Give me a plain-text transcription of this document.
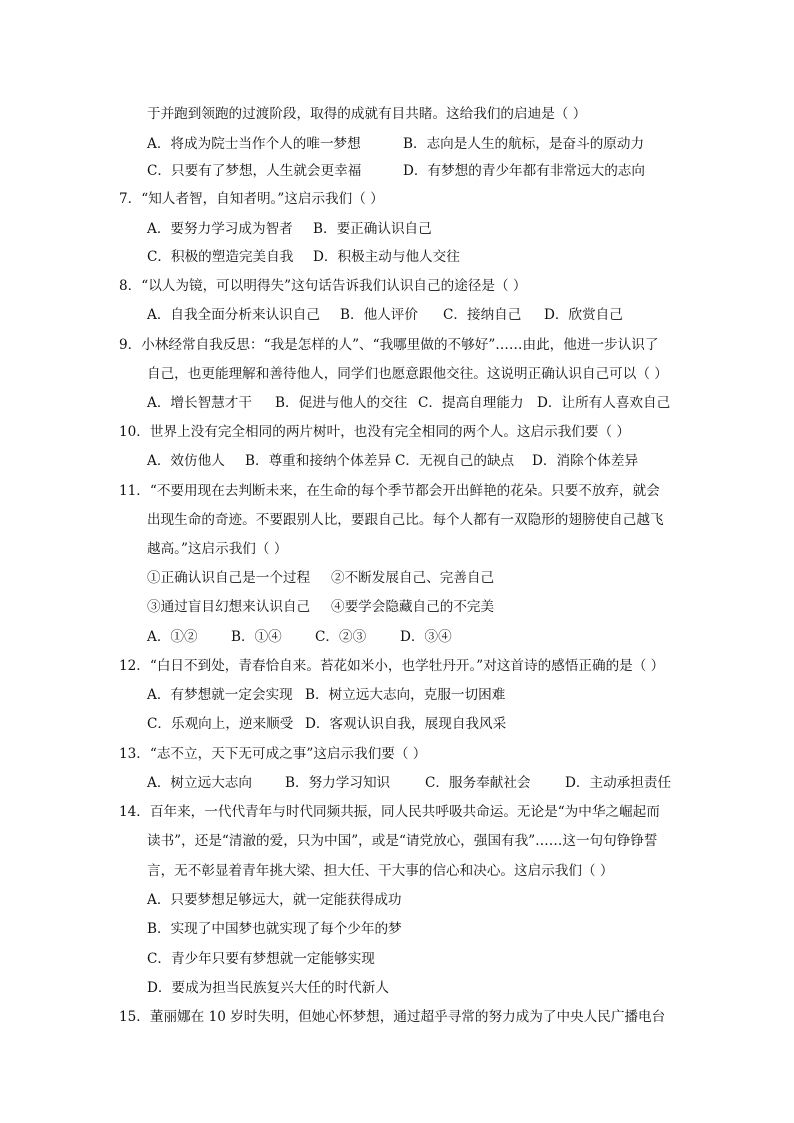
于并跑到领跑的过渡阶段，取得的成就有目共睹。这给我们的启迪是（ ）
A．将成为院士当作个人的唯一梦想	B．志向是人生的航标，是奋斗的原动力
C．只要有了梦想，人生就会更幸福	D．有梦想的青少年都有非常远大的志向
7．“知人者智，自知者明。”这启示我们（ ）
A．要努力学习成为智者 B．要正确认识自己
C．积极的塑造完美自我 D．积极主动与他人交往
8．“以人为镜，可以明得失”这句话告诉我们认识自己的途径是（ ）
A．自我全面分析来认识自己 B．他人评价 C．接纳自己 D．欣赏自己
9．小林经常自我反思：“我是怎样的人”、“我哪里做的不够好”……由此，他进一步认识了
自己，也更能理解和善待他人，同学们也愿意跟他交往。这说明正确认识自己可以（ ）
A．增长智慧才干 B．促进与他人的交往 C．提高自理能力 D．让所有人喜欢自己
10．世界上没有完全相同的两片树叶，也没有完全相同的两个人。这启示我们要（ ）
A．效仿他人 B．尊重和接纳个体差异 C．无视自己的缺点 D．消除个体差异
11．“不要用现在去判断未来，在生命的每个季节都会开出鲜艳的花朵。只要不放弃，就会
出现生命的奇迹。不要跟别人比，要跟自己比。每个人都有一双隐形的翅膀使自己越飞
越高。”这启示我们（ ）
①正确认识自己是一个过程 ②不断发展自己、完善自己
③通过盲目幻想来认识自己 ④要学会隐藏自己的不完美
A．①② B．①④ C．②③ D．③④
12．“白日不到处，青春恰自来。苔花如米小，也学牡丹开。”对这首诗的感悟正确的是（ ）
A．有梦想就一定会实现 B．树立远大志向，克服一切困难
C．乐观向上，逆来顺受 D．客观认识自我，展现自我风采
13．“志不立，天下无可成之事”这启示我们要（ ）
A．树立远大志向 B．努力学习知识	C．服务奉献社会	D．主动承担责任
14．百年来，一代代青年与时代同频共振，同人民共呼吸共命运。无论是“为中华之崛起而
读书”，还是“清澈的爱，只为中国”，或是“请党放心，强国有我”……这一句句铮铮誓
言，无不彰显着青年挑大梁、担大任、干大事的信心和决心。这启示我们（ ）
A．只要梦想足够远大，就一定能获得成功
B．实现了中国梦也就实现了每个少年的梦
C．青少年只要有梦想就一定能够实现
D．要成为担当民族复兴大任的时代新人
15．董丽娜在 10 岁时失明，但她心怀梦想，通过超乎寻常的努力成为了中央人民广播电台
